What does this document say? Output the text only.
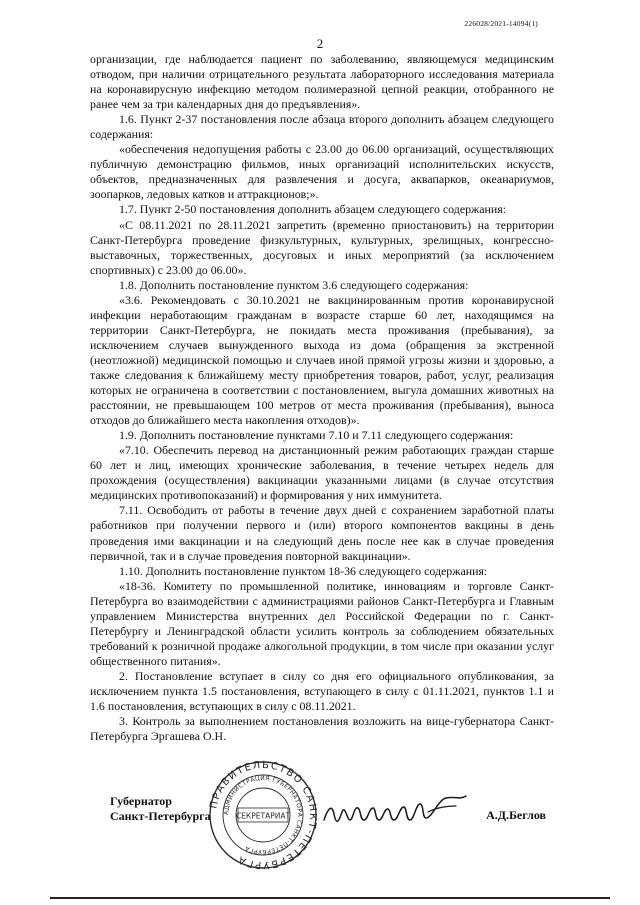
226028/2021-14094(1)
2

организации, где наблюдается пациент по заболеванию, являющемуся медицинским отводом, при наличии отрицательного результата лабораторного исследования материала на коронавирусную инфекцию методом полимеразной цепной реакции, отобранного не ранее чем за три календарных дня до предъявления».

1.6. Пункт 2-37 постановления после абзаца второго дополнить абзацем следующего содержания:

«обеспечения недопущения работы с 23.00 до 06.00 организаций, осуществляющих публичную демонстрацию фильмов, иных организаций исполнительских искусств, объектов, предназначенных для развлечения и досуга, аквапарков, океанариумов, зоопарков, ледовых катков и аттракционов;».

1.7. Пункт 2-50 постановления дополнить абзацем следующего содержания:

«С 08.11.2021 по 28.11.2021 запретить (временно приостановить) на территории Санкт-Петербурга проведение физкультурных, культурных, зрелищных, конгрессно-выставочных, торжественных, досуговых и иных мероприятий (за исключением спортивных) с 23.00 до 06.00».

1.8. Дополнить постановление пунктом 3.6 следующего содержания:

«3.6. Рекомендовать с 30.10.2021 не вакцинированным против коронавирусной инфекции неработающим гражданам в возрасте старше 60 лет, находящимся на территории Санкт-Петербурга, не покидать места проживания (пребывания), за исключением случаев вынужденного выхода из дома (обращения за экстренной (неотложной) медицинской помощью и случаев иной прямой угрозы жизни и здоровью, а также следования к ближайшему месту приобретения товаров, работ, услуг, реализация которых не ограничена в соответствии с постановлением, выгула домашних животных на расстоянии, не превышающем 100 метров от места проживания (пребывания), выноса отходов до ближайшего места накопления отходов)».

1.9. Дополнить постановление пунктами 7.10 и 7.11 следующего содержания:

«7.10. Обеспечить перевод на дистанционный режим работающих граждан старше 60 лет и лиц, имеющих хронические заболевания, в течение четырех недель для прохождения (осуществления) вакцинации указанными лицами (в случае отсутствия медицинских противопоказаний) и формирования у них иммунитета.

7.11. Освободить от работы в течение двух дней с сохранением заработной платы работников при получении первого и (или) второго компонентов вакцины в день проведения ими вакцинации и на следующий день после нее как в случае проведения первичной, так и в случае проведения повторной вакцинации».

1.10. Дополнить постановление пунктом 18-36 следующего содержания:

«18-36. Комитету по промышленной политике, инновациям и торговле Санкт-Петербурга во взаимодействии с администрациями районов Санкт-Петербурга и Главным управлением Министерства внутренних дел Российской Федерации по г. Санкт-Петербургу и Ленинградской области усилить контроль за соблюдением обязательных требований к розничной продаже алкогольной продукции, в том числе при оказании услуг общественного питания».

2. Постановление вступает в силу со дня его официального опубликования, за исключением пункта 1.5 постановления, вступающего в силу с 01.11.2021, пунктов 1.1 и 1.6 постановления, вступающих в силу с 08.11.2021.

3. Контроль за выполнением постановления возложить на вице-губернатора Санкт-Петербурга Эргашева О.Н.

Губернатор
Санкт-Петербурга
ПРАВИТЕЛЬСТВО САНКТ-ПЕТЕРБУРГА
АДМИНИСТРАЦИЯ ГУБЕРНАТОРА САНКТ-ПЕТЕРБУРГА
СЕКРЕТАРИАТ	А.Д.Беглов
